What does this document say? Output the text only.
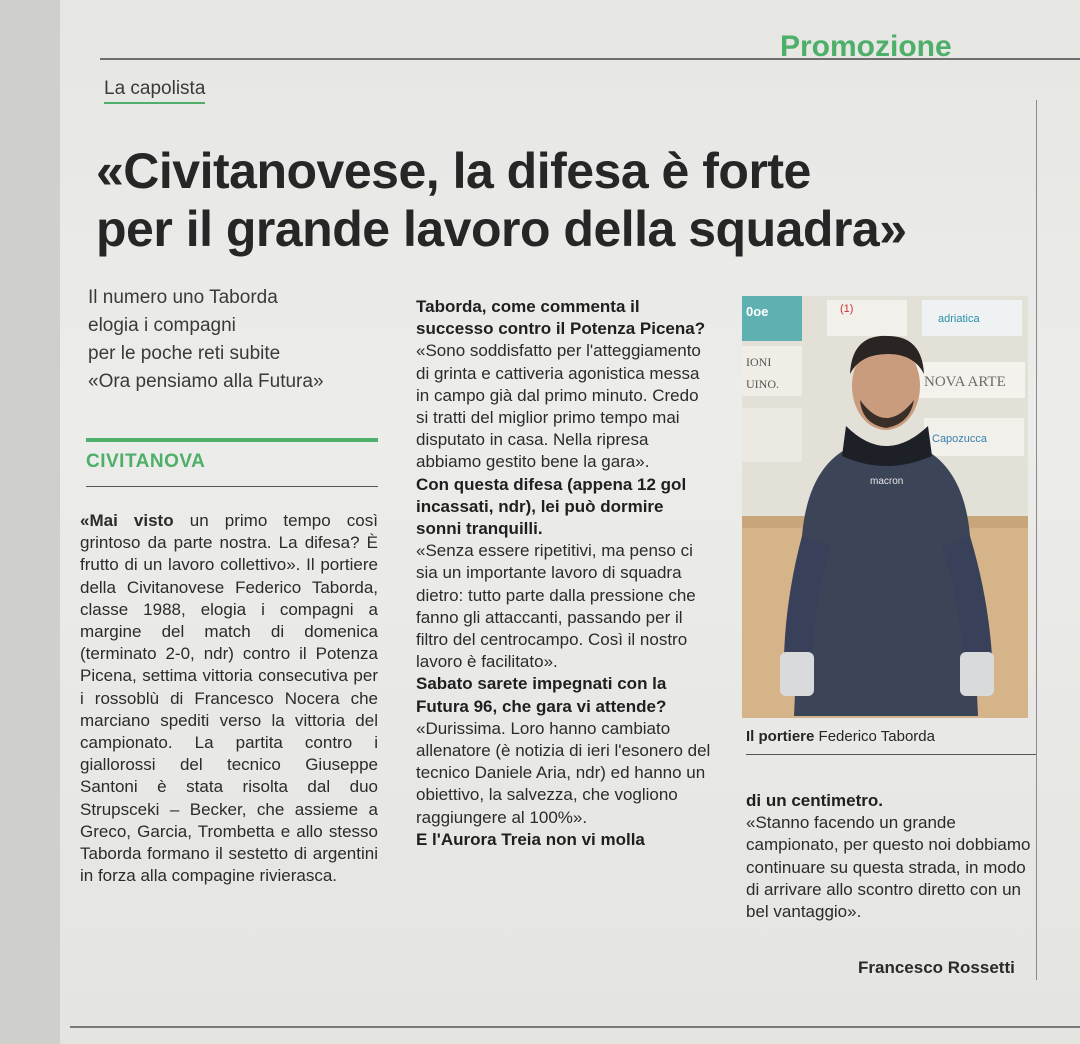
Promozione
La capolista
«Civitanovese, la difesa è forte
per il grande lavoro della squadra»
Il numero uno Taborda
elogia i compagni
per le poche reti subite
«Ora pensiamo alla Futura»
CIVITANOVA

«Mai visto un primo tempo così grintoso da parte nostra. La difesa? È frutto di un lavoro collettivo». Il portiere della Civitanovese Federico Taborda, classe 1988, elogia i compagni a margine del match di domenica (terminato 2-0, ndr) contro il Potenza Picena, settima vittoria consecutiva per i rossoblù di Francesco Nocera che marciano spediti verso la vittoria del campionato. La partita contro i giallorossi del tecnico Giuseppe Santoni è stata risolta dal duo Strupsceki – Becker, che assieme a Greco, Garcia, Trombetta e allo stesso Taborda formano il sestetto di argentini in forza alla compagine rivierasca.

Taborda, come commenta il successo contro il Potenza Picena?

«Sono soddisfatto per l'atteggiamento di grinta e cattiveria agonistica messa in campo già dal primo minuto. Credo si tratti del miglior primo tempo mai disputato in casa. Nella ripresa abbiamo gestito bene la gara».

Con questa difesa (appena 12 gol incassati, ndr), lei può dormire sonni tranquilli.

«Senza essere ripetitivi, ma penso ci sia un importante lavoro di squadra dietro: tutto parte dalla pressione che fanno gli attaccanti, passando per il filtro del centrocampo. Così il nostro lavoro è facilitato».

Sabato sarete impegnati con la Futura 96, che gara vi attende?

«Durissima. Loro hanno cambiato allenatore (è notizia di ieri l'esonero del tecnico Daniele Aria, ndr) ed hanno un obiettivo, la salvezza, che vogliono raggiungere al 100%».

E l'Aurora Treia non vi molla

0oe	(1)
adriatica
IONI
UINO.	NOVA ARTE
Capozucca
macron
Il portiere Federico Taborda

di un centimetro.

«Stanno facendo un grande campionato, per questo noi dobbiamo continuare su questa strada, in modo di arrivare allo scontro diretto con un bel vantaggio».

Francesco Rossetti
